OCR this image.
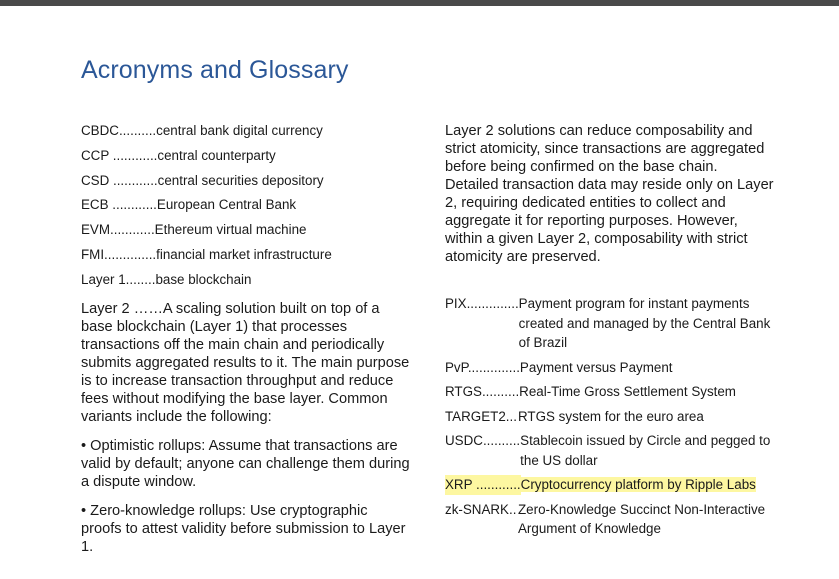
Acronyms and Glossary
CBDC..........central bank digital currency
CCP ............central counterparty
CSD ............central securities depository
ECB ............European Central Bank
EVM............Ethereum virtual machine
FMI..............financial market infrastructure
Layer 1........base blockchain

Layer 2 ……A scaling solution built on top of a base blockchain (Layer 1) that processes transactions off the main chain and periodically submits aggregated results to it. The main purpose is to increase transaction throughput and reduce fees without modifying the base layer. Common variants include the following:

• Optimistic rollups: Assume that transactions are valid by default; anyone can challenge them during a dispute window.

• Zero-knowledge rollups: Use cryptographic proofs to attest validity before submission to Layer 1.

Layer 2 solutions can reduce composability and strict atomicity, since transactions are aggregated before being confirmed on the base chain. Detailed transaction data may reside only on Layer 2, requiring dedicated entities to collect and aggregate it for reporting purposes. However, within a given Layer 2, composability with strict atomicity are preserved.

PIX.............. Payment program for instant payments created and managed by the Central Bank of Brazil
PvP.............. Payment versus Payment
RTGS.......... Real-Time Gross Settlement System
TARGET2... RTGS system for the euro area
USDC.......... Stablecoin issued by Circle and pegged to the US dollar
XRP ............ Cryptocurrency platform by Ripple Labs
zk-SNARK.. Zero-Knowledge Succinct Non-Interactive Argument of Knowledge
